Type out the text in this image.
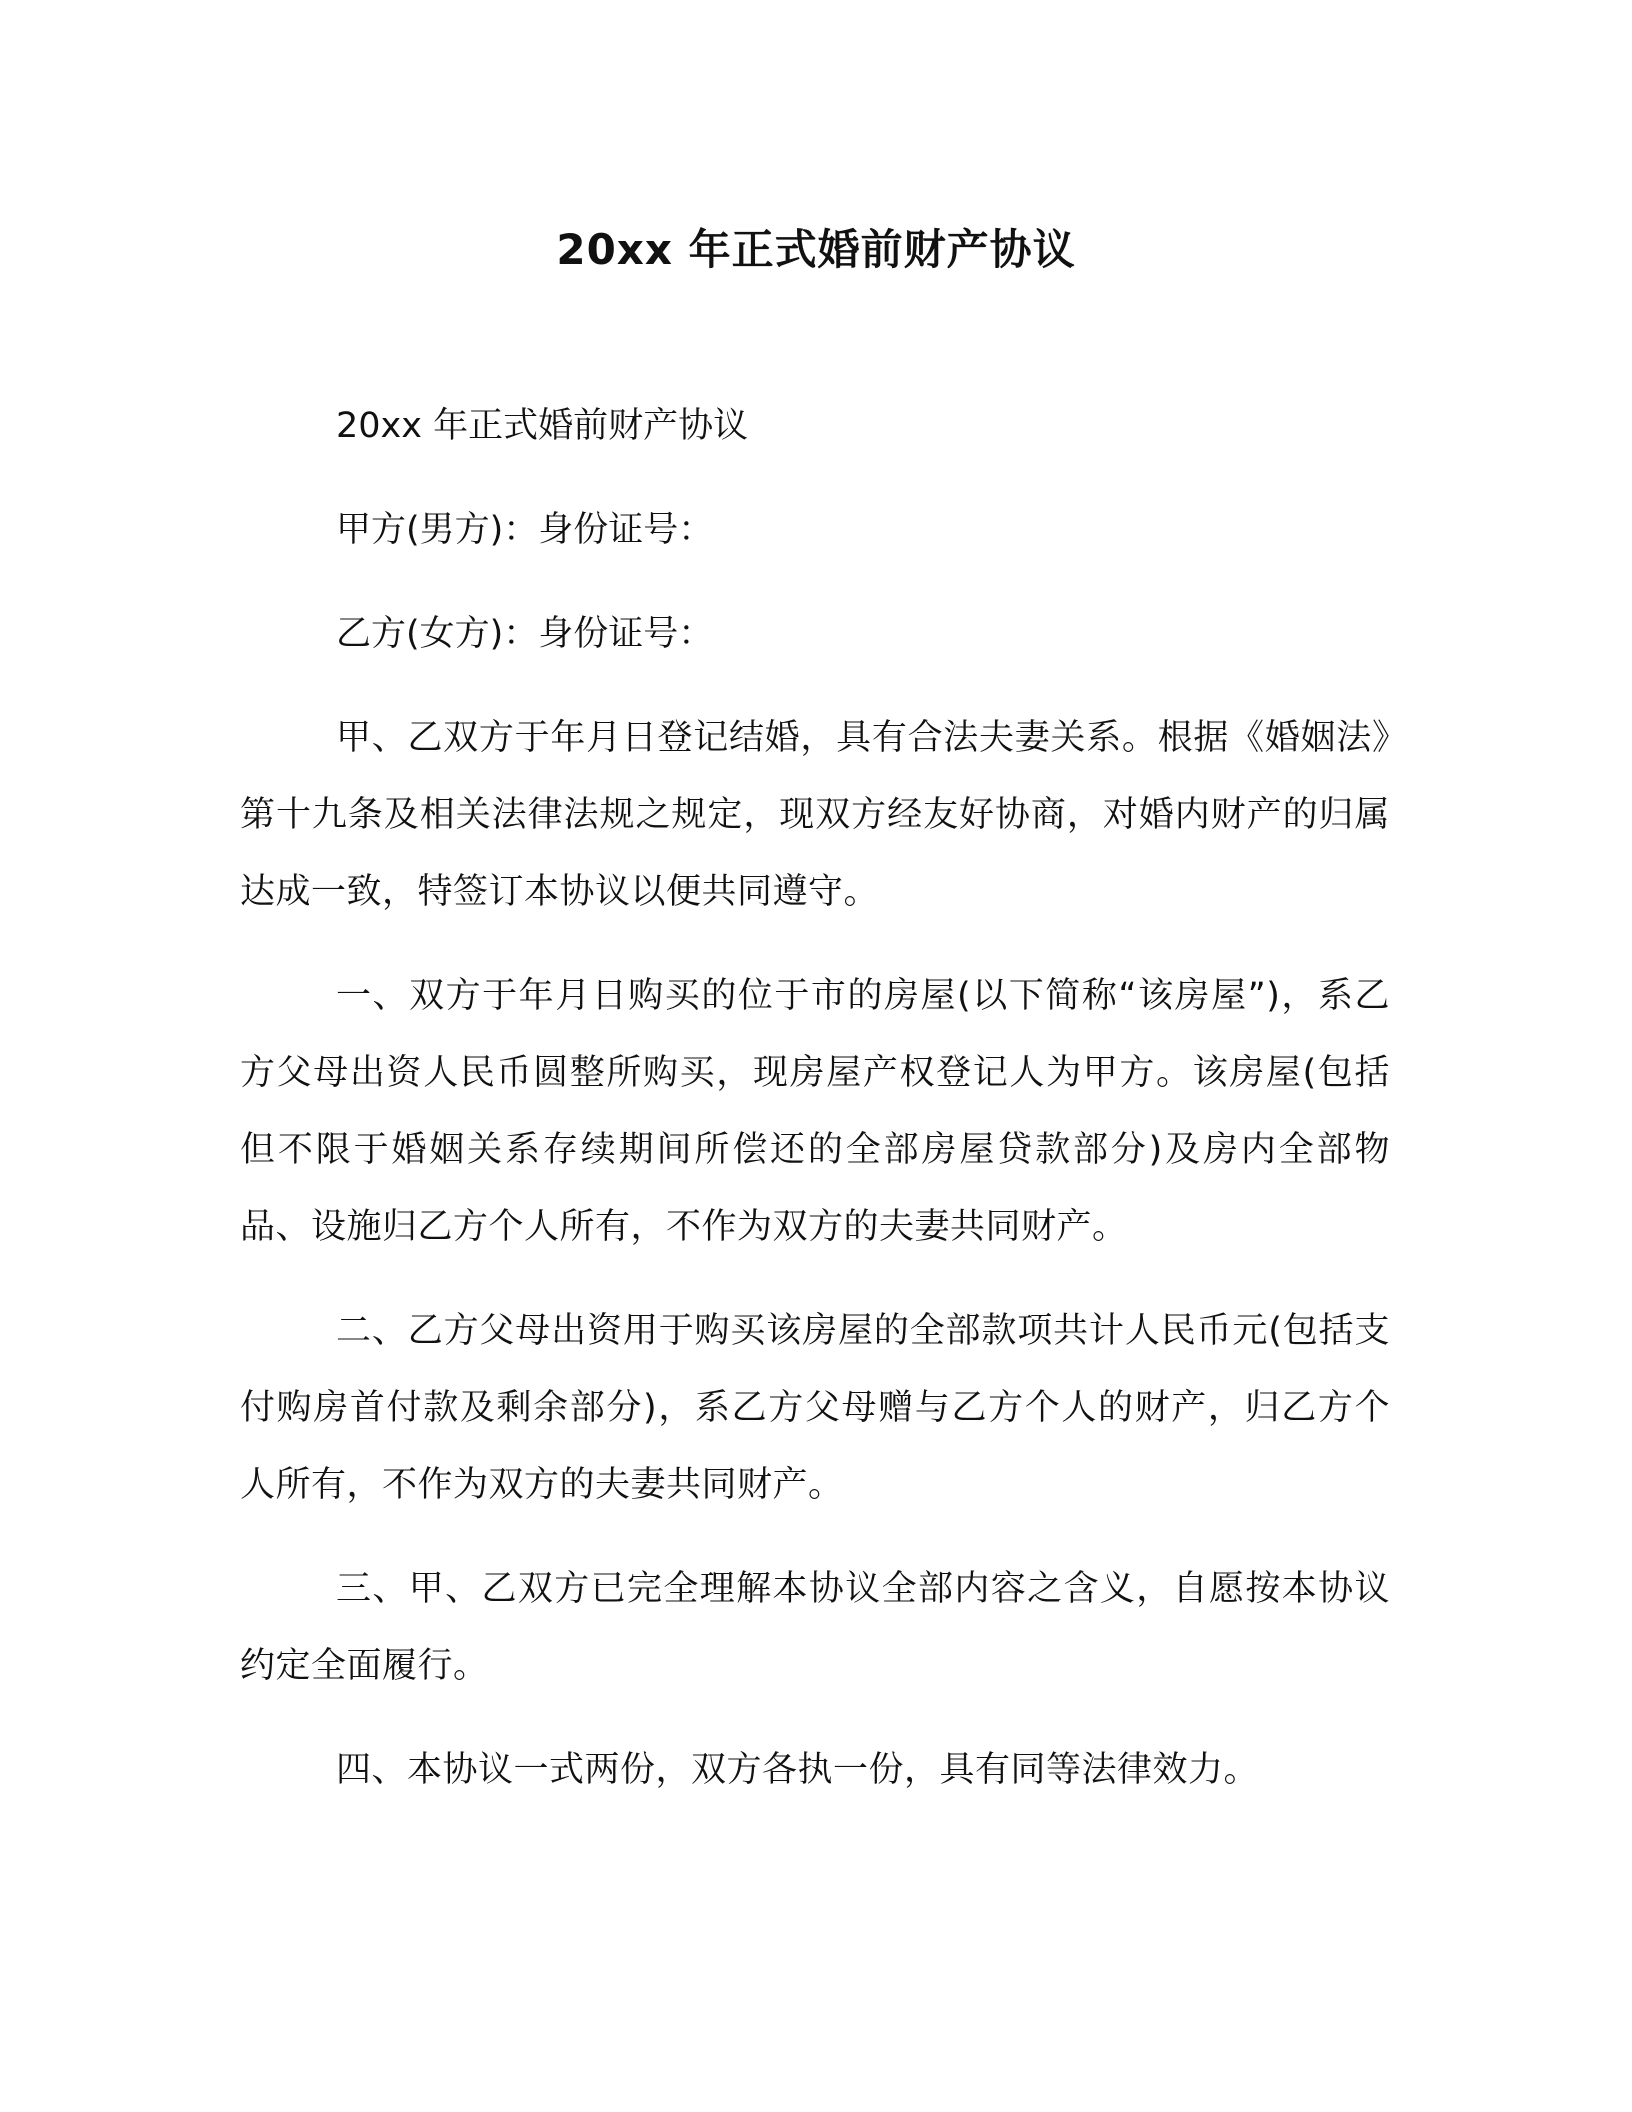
20xx 年正式婚前财产协议
20xx 年正式婚前财产协议
甲方(男方)：身份证号：
乙方(女方)：身份证号：
甲、乙双方于年月日登记结婚，具有合法夫妻关系。根据《婚姻法》第十九条及相关法律法规之规定，现双方经友好协商，对婚内财产的归属达成一致，特签订本协议以便共同遵守。
一、双方于年月日购买的位于市的房屋(以下简称“该房屋”)，系乙方父母出资人民币圆整所购买，现房屋产权登记人为甲方。该房屋(包括但不限于婚姻关系存续期间所偿还的全部房屋贷款部分)及房内全部物品、设施归乙方个人所有，不作为双方的夫妻共同财产。
二、乙方父母出资用于购买该房屋的全部款项共计人民币元(包括支付购房首付款及剩余部分)，系乙方父母赠与乙方个人的财产，归乙方个人所有，不作为双方的夫妻共同财产。
三、甲、乙双方已完全理解本协议全部内容之含义，自愿按本协议约定全面履行。
四、本协议一式两份，双方各执一份，具有同等法律效力。
